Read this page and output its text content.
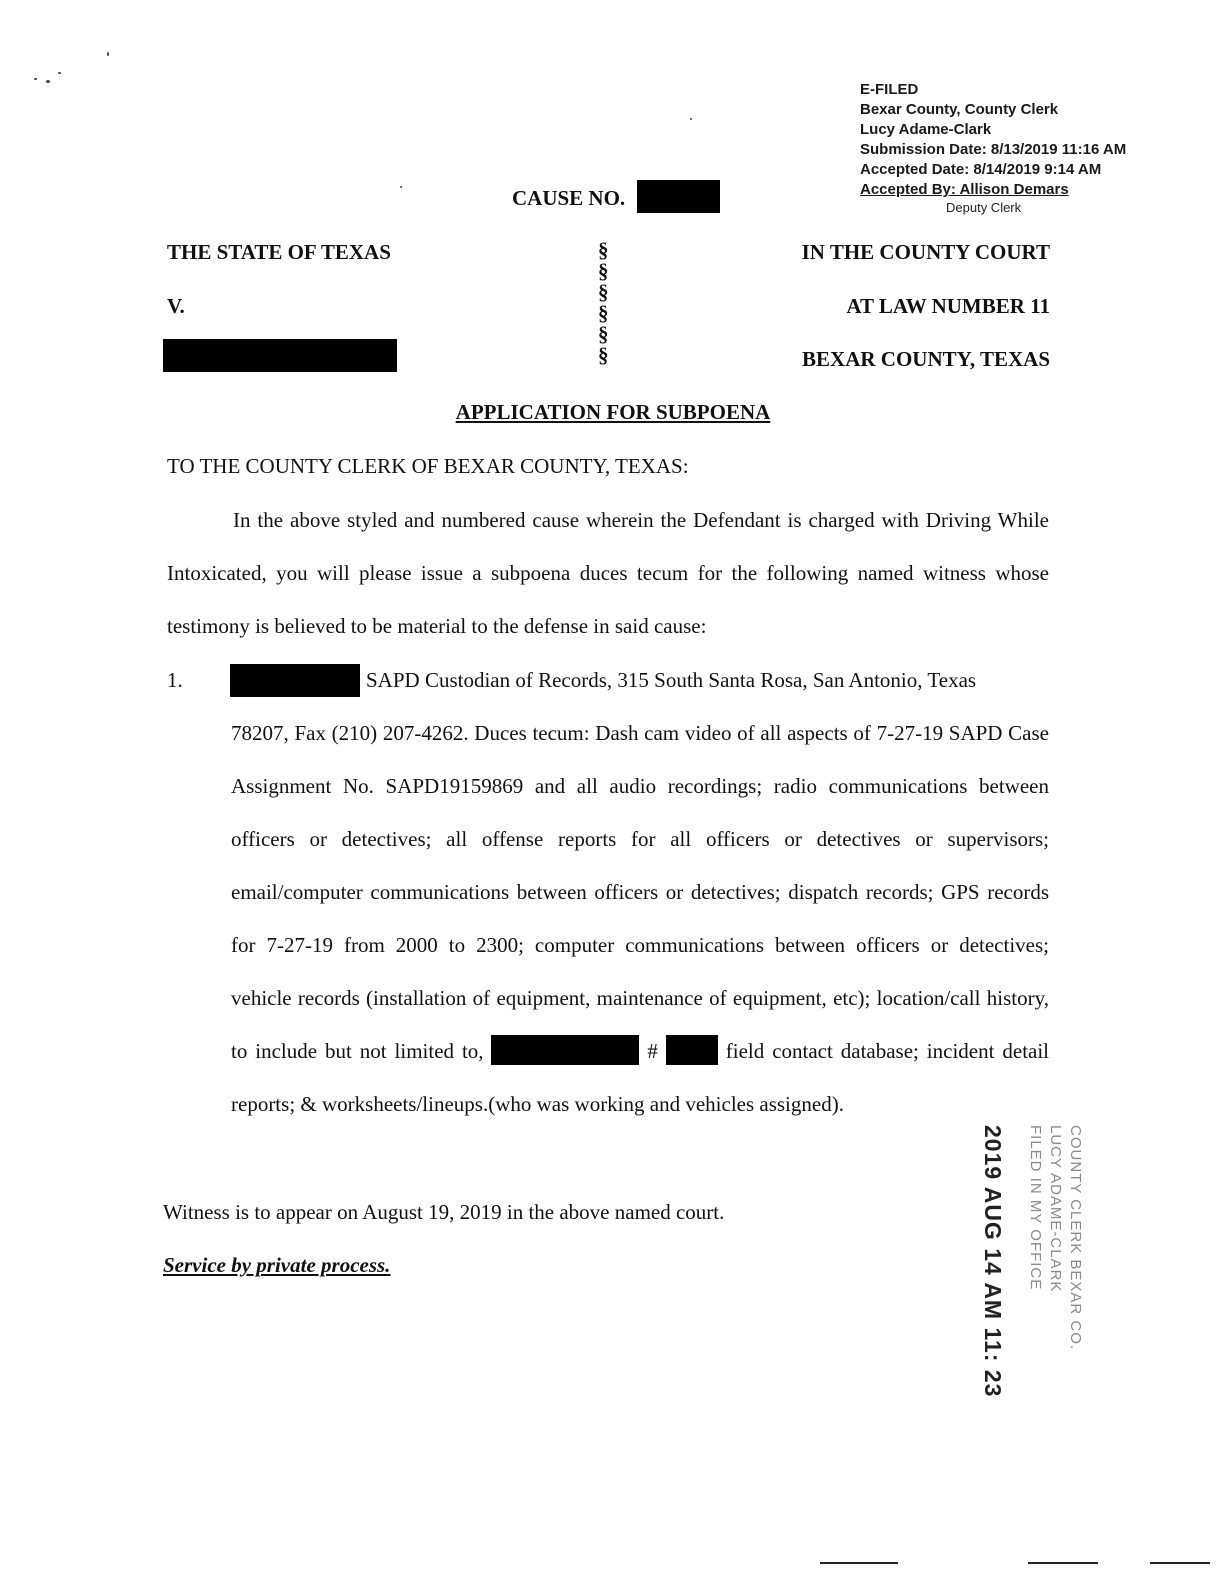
E-FILED
Bexar County, County Clerk
Lucy Adame-Clark
Submission Date: 8/13/2019 11:16 AM
Accepted Date: 8/14/2019 9:14 AM
Accepted By: Allison Demars
Deputy Clerk
CAUSE NO.
THE STATE OF TEXAS
V.
§
§
§
§
§
§
IN THE COUNTY COURT
AT LAW NUMBER 11
BEXAR COUNTY, TEXAS
APPLICATION FOR SUBPOENA
TO THE COUNTY CLERK OF BEXAR COUNTY, TEXAS:
In the above styled and numbered cause wherein the Defendant is charged with Driving While Intoxicated, you will please issue a subpoena duces tecum for the following named witness whose testimony is believed to be material to the defense in said cause:
1.	SAPD Custodian of Records, 315 South Santa Rosa, San Antonio, Texas
78207, Fax (210) 207-4262. Duces tecum: Dash cam video of all aspects of 7-27-19 SAPD Case Assignment No. SAPD19159869 and all audio recordings; radio communications between officers or detectives; all offense reports for all officers or detectives or supervisors; email/computer communications between officers or detectives; dispatch records; GPS records for 7-27-19 from 2000 to 2300; computer communications between officers or detectives; vehicle records (installation of equipment, maintenance of equipment, etc); location/call history, to include but not limited to,	#	field contact database; incident detail reports; & worksheets/lineups.(who was working and vehicles assigned).
Witness is to appear on August 19, 2019 in the above named court.
Service by private process.	2019 AUG 14 AM 11: 23 FILED IN MY OFFICE LUCY ADAME-CLARK COUNTY CLERK BEXAR CO.
